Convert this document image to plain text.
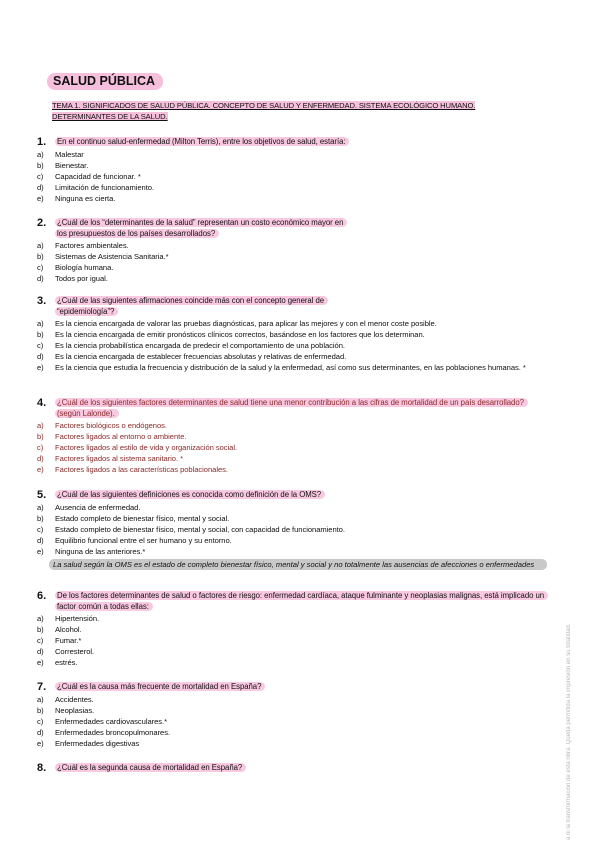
SALUD PÚBLICA
TEMA 1. SIGNIFICADOS DE SALUD PÚBLICA. CONCEPTO DE SALUD Y ENFERMEDAD. SISTEMA ECOLÓGICO HUMANO. DETERMINANTES DE LA SALUD.
1.	En el continuo salud-enfermedad (Milton Terris), entre los objetivos de salud, estaría:
a)	Malestar
b)	Bienestar.
c)	Capacidad de funcionar. *
d)	Limitación de funcionamiento.
e)	Ninguna es cierta.
2.	¿Cuál de los “determinantes de la salud” representan un costo económico mayor en los presupuestos de los países desarrollados?
a)	Factores ambientales.
b)	Sistemas de Asistencia Sanitaria.*
c)	Biología humana.
d)	Todos por igual.
3.	¿Cuál de las siguientes afirmaciones coincide más con el concepto general de “epidemiología”?
a)	Es la ciencia encargada de valorar las pruebas diagnósticas, para aplicar las mejores y con el menor coste posible.
b)	Es la ciencia encargada de emitir pronósticos clínicos correctos, basándose en los factores que los determinan.
c)	Es la ciencia probabilística encargada de predecir el comportamiento de una población.
d)	Es la ciencia encargada de establecer frecuencias absolutas y relativas de enfermedad.
e)	Es la ciencia que estudia la frecuencia y distribución de la salud y la enfermedad, así como sus determinantes, en las poblaciones humanas. *
4.	¿Cuál de los siguientes factores determinantes de salud tiene una menor contribución a las cifras de mortalidad de un país desarrollado? (según Lalonde).
a)	Factores biológicos o endógenos.
b)	Factores ligados al entorno o ambiente.
c)	Factores ligados al estilo de vida y organización social.
d)	Factores ligados al sistema sanitario. *
e)	Factores ligados a las características poblacionales.
5.	¿Cuál de las siguientes definiciones es conocida como definición de la OMS?
a)	Ausencia de enfermedad.
b)	Estado completo de bienestar físico, mental y social.
c)	Estado completo de bienestar físico, mental y social, con capacidad de funcionamiento.
d)	Equilibrio funcional entre el ser humano y su entorno.
e)	Ninguna de las anteriores.*
La salud según la OMS es el estado de completo bienestar físico, mental y social y no totalmente las ausencias de afecciones o enfermedades
6.	De los factores determinantes de salud o factores de riesgo: enfermedad cardíaca, ataque fulminante y neoplasias malignas, está implicado un factor común a todas ellas:
a)	Hipertensión.
b)	Alcohol.
c)	Fumar.*
d)	Corresterol.
e)	estrés.
7.	¿Cuál es la causa más frecuente de mortalidad en España?
a)	Accidentes.
b)	Neoplasias.
c)	Enfermedades cardiovasculares.*
d)	Enfermedades broncopulmonares.
e)	Enfermedades digestivas
8.	¿Cuál es la segunda causa de mortalidad en España?	a ni la transformación de esta obra. Queda permitida la impresión en su totalidad.
